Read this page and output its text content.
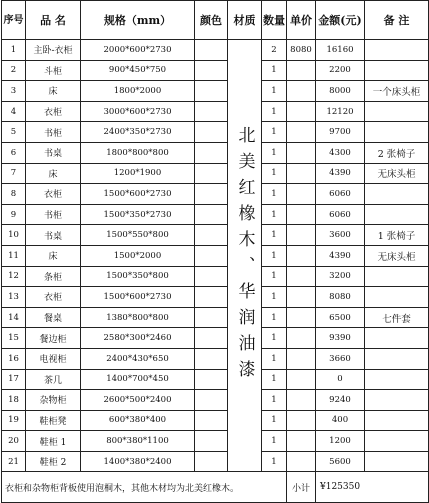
序号	品 名	规格（mm）	颜色	材质	数量	单价	金额(元)	备 注
1	主卧-衣柜	2000*600*2730		北美红橡木、华润油漆	2	8080	16160	
2	斗柜	900*450*750			1		2200	
3	床	1800*2000			1		8000	一个床头柜
4	衣柜	3000*600*2730			1		12120	
5	书柜	2400*350*2730			1		9700	
6	书桌	1800*800*800			1		4300	2 张椅子
7	床	1200*1900			1		4390	无床头柜
8	衣柜	1500*600*2730			1		6060	
9	书柜	1500*350*2730			1		6060	
10	书桌	1500*550*800			1		3600	1 张椅子
11	床	1500*2000			1		4390	无床头柜
12	条柜	1500*350*800			1		3200	
13	衣柜	1500*600*2730			1		8080	
14	餐桌	1380*800*800			1		6500	七件套
15	餐边柜	2580*300*2460			1		9390	
16	电视柜	2400*430*650			1		3660	
17	茶几	1400*700*450			1		0	
18	杂物柜	2600*500*2400			1		9240	
19	鞋柜凳	600*380*400			1		400	
20	鞋柜 1	800*380*1100			1		1200	
21	鞋柜 2	1400*380*2400			1		5600	
衣柜和杂物柜背板使用泡桐木，其他木材均为北美红橡木。						小计	¥125350	
